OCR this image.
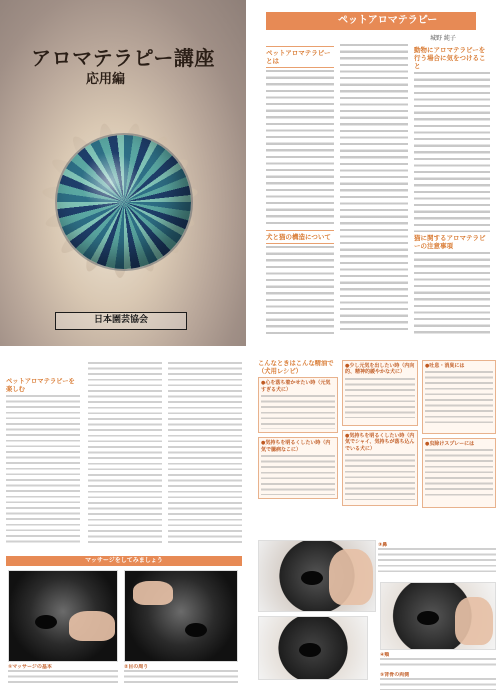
アロマテラピー講座
応用編
日本園芸協会
ペットアロマテラピー
城野 純子
ペットアロマテラピーとは
犬と猫の構造について
動物にアロマテラピーを行う場合に気をつけること
猫に関するアロマテラピーの注意事項
ペットアロマテラピーを楽しむ
こんなときはこんな精油で（犬用レシピ）
●心を落ち着かせたい時（元気すぎる犬に）
●気持ちを明るくしたい時（内気で臆病なこに）
●少し元気を出したい時（内向的、精神的緩やかな犬に）
●気持ちを明るくしたい時（内気でシャイ、気持ちが落ち込んでいる犬に）
●吐息・消臭には
●虫除けスプレーには
マッサージをしてみましょう
①マッサージの基本	②目の周り
③鼻
④頬
⑤背骨の両側
